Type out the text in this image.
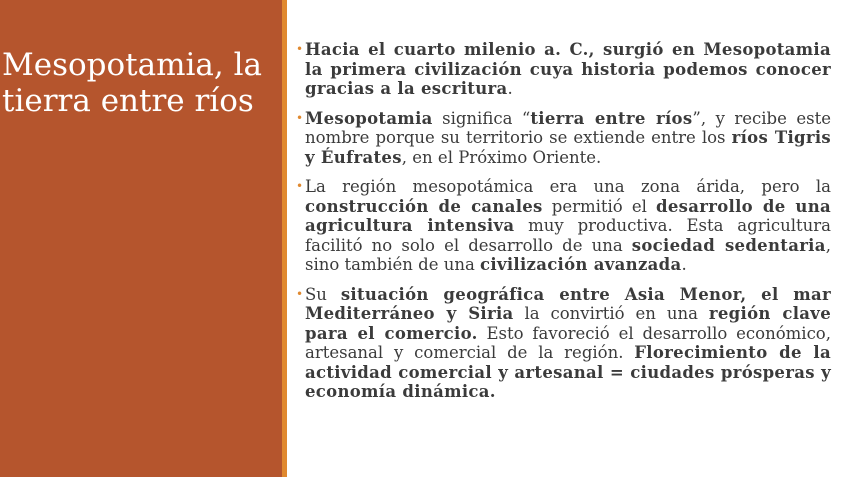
Mesopotamia, la tierra entre ríos

• Hacia el cuarto milenio a. C., surgió en Mesopotamia la primera civilización cuya historia podemos conocer gracias a la escritura.

• Mesopotamia significa “tierra entre ríos”, y recibe este nombre porque su territorio se extiende entre los ríos Tigris y Éufrates, en el Próximo Oriente.

• La región mesopotámica era una zona árida, pero la construcción de canales permitió el desarrollo de una agricultura intensiva muy productiva. Esta agricultura facilitó no solo el desarrollo de una sociedad sedentaria, sino también de una civilización avanzada.

• Su situación geográfica entre Asia Menor, el mar Mediterráneo y Siria la convirtió en una región clave para el comercio. Esto favoreció el desarrollo económico, artesanal y comercial de la región. Florecimiento de la actividad comercial y artesanal = ciudades prósperas y economía dinámica.
